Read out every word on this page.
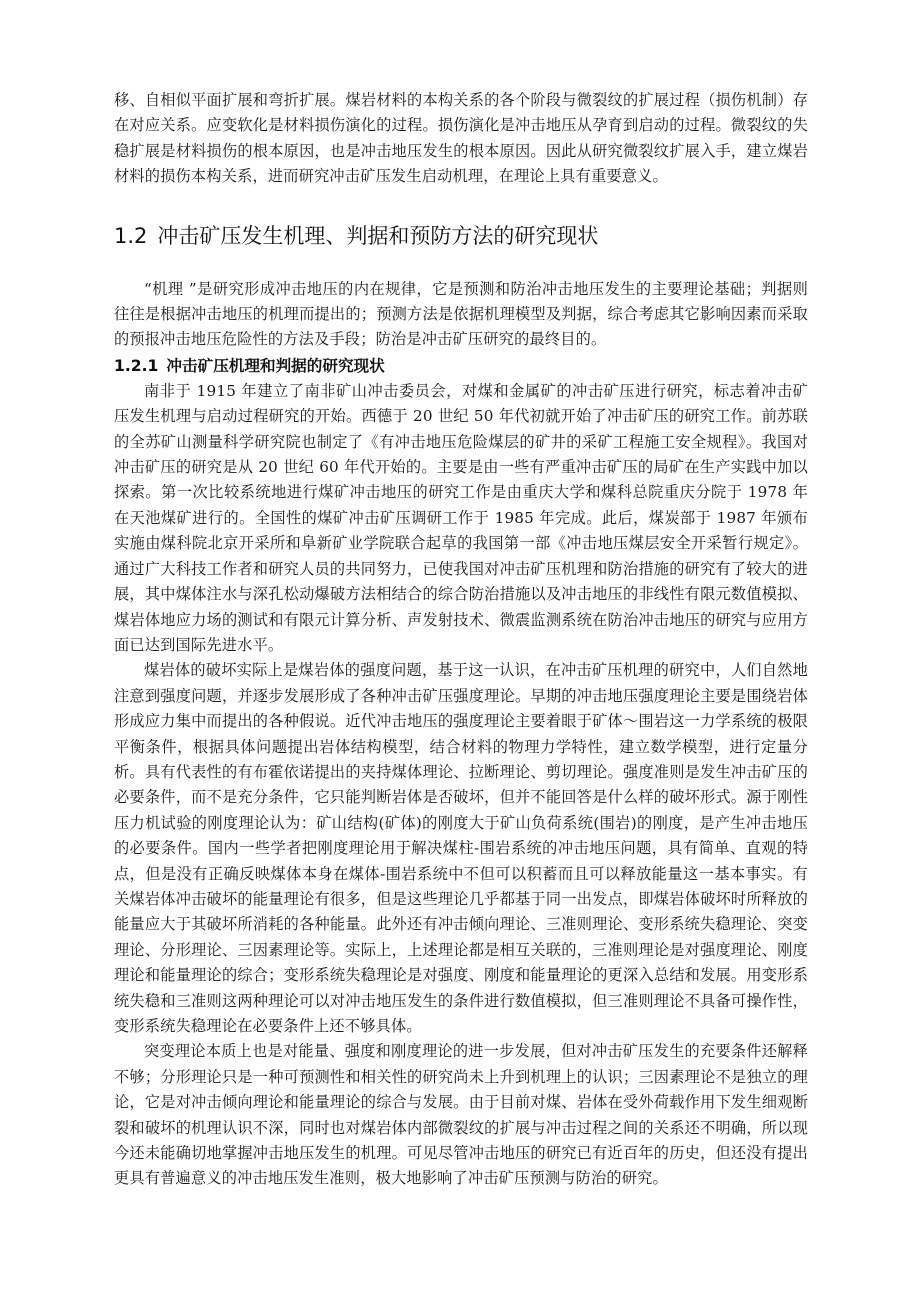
移、自相似平面扩展和弯折扩展。煤岩材料的本构关系的各个阶段与微裂纹的扩展过程（损伤机制）存在对应关系。应变软化是材料损伤演化的过程。损伤演化是冲击地压从孕育到启动的过程。微裂纹的失稳扩展是材料损伤的根本原因，也是冲击地压发生的根本原因。因此从研究微裂纹扩展入手，建立煤岩材料的损伤本构关系，进而研究冲击矿压发生启动机理，在理论上具有重要意义。

1.2 冲击矿压发生机理、判据和预防方法的研究现状

“机理 ”是研究形成冲击地压的内在规律，它是预测和防治冲击地压发生的主要理论基础；判据则往往是根据冲击地压的机理而提出的；预测方法是依据机理模型及判据，综合考虑其它影响因素而采取的预报冲击地压危险性的方法及手段；防治是冲击矿压研究的最终目的。

1.2.1 冲击矿压机理和判据的研究现状

南非于 1915 年建立了南非矿山冲击委员会，对煤和金属矿的冲击矿压进行研究，标志着冲击矿压发生机理与启动过程研究的开始。西德于 20 世纪 50 年代初就开始了冲击矿压的研究工作。前苏联的全苏矿山测量科学研究院也制定了《有冲击地压危险煤层的矿井的采矿工程施工安全规程》。我国对冲击矿压的研究是从 20 世纪 60 年代开始的。主要是由一些有严重冲击矿压的局矿在生产实践中加以探索。第一次比较系统地进行煤矿冲击地压的研究工作是由重庆大学和煤科总院重庆分院于 1978 年在天池煤矿进行的。全国性的煤矿冲击矿压调研工作于 1985 年完成。此后，煤炭部于 1987 年颁布实施由煤科院北京开采所和阜新矿业学院联合起草的我国第一部《冲击地压煤层安全开采暂行规定》。通过广大科技工作者和研究人员的共同努力，已使我国对冲击矿压机理和防治措施的研究有了较大的进展，其中煤体注水与深孔松动爆破方法相结合的综合防治措施以及冲击地压的非线性有限元数值模拟、煤岩体地应力场的测试和有限元计算分析、声发射技术、微震监测系统在防治冲击地压的研究与应用方面已达到国际先进水平。

煤岩体的破坏实际上是煤岩体的强度问题，基于这一认识，在冲击矿压机理的研究中，人们自然地注意到强度问题，并逐步发展形成了各种冲击矿压强度理论。早期的冲击地压强度理论主要是围绕岩体形成应力集中而提出的各种假说。近代冲击地压的强度理论主要着眼于矿体～围岩这一力学系统的极限平衡条件，根据具体问题提出岩体结构模型，结合材料的物理力学特性，建立数学模型，进行定量分析。具有代表性的有布霍依诺提出的夹持煤体理论、拉断理论、剪切理论。强度准则是发生冲击矿压的必要条件，而不是充分条件，它只能判断岩体是否破坏，但并不能回答是什么样的破坏形式。源于刚性压力机试验的刚度理论认为：矿山结构(矿体)的刚度大于矿山负荷系统(围岩)的刚度，是产生冲击地压的必要条件。国内一些学者把刚度理论用于解决煤柱-围岩系统的冲击地压问题，具有简单、直观的特点，但是没有正确反映煤体本身在煤体-围岩系统中不但可以积蓄而且可以释放能量这一基本事实。有关煤岩体冲击破坏的能量理论有很多，但是这些理论几乎都基于同一出发点，即煤岩体破坏时所释放的能量应大于其破坏所消耗的各种能量。此外还有冲击倾向理论、三准则理论、变形系统失稳理论、突变理论、分形理论、三因素理论等。实际上，上述理论都是相互关联的，三准则理论是对强度理论、刚度理论和能量理论的综合；变形系统失稳理论是对强度、刚度和能量理论的更深入总结和发展。用变形系统失稳和三准则这两种理论可以对冲击地压发生的条件进行数值模拟，但三准则理论不具备可操作性，变形系统失稳理论在必要条件上还不够具体。

突变理论本质上也是对能量、强度和刚度理论的进一步发展，但对冲击矿压发生的充要条件还解释不够；分形理论只是一种可预测性和相关性的研究尚未上升到机理上的认识；三因素理论不是独立的理论，它是对冲击倾向理论和能量理论的综合与发展。由于目前对煤、岩体在受外荷载作用下发生细观断裂和破坏的机理认识不深，同时也对煤岩体内部微裂纹的扩展与冲击过程之间的关系还不明确，所以现今还未能确切地掌握冲击地压发生的机理。可见尽管冲击地压的研究已有近百年的历史，但还没有提出更具有普遍意义的冲击地压发生准则，极大地影响了冲击矿压预测与防治的研究。
